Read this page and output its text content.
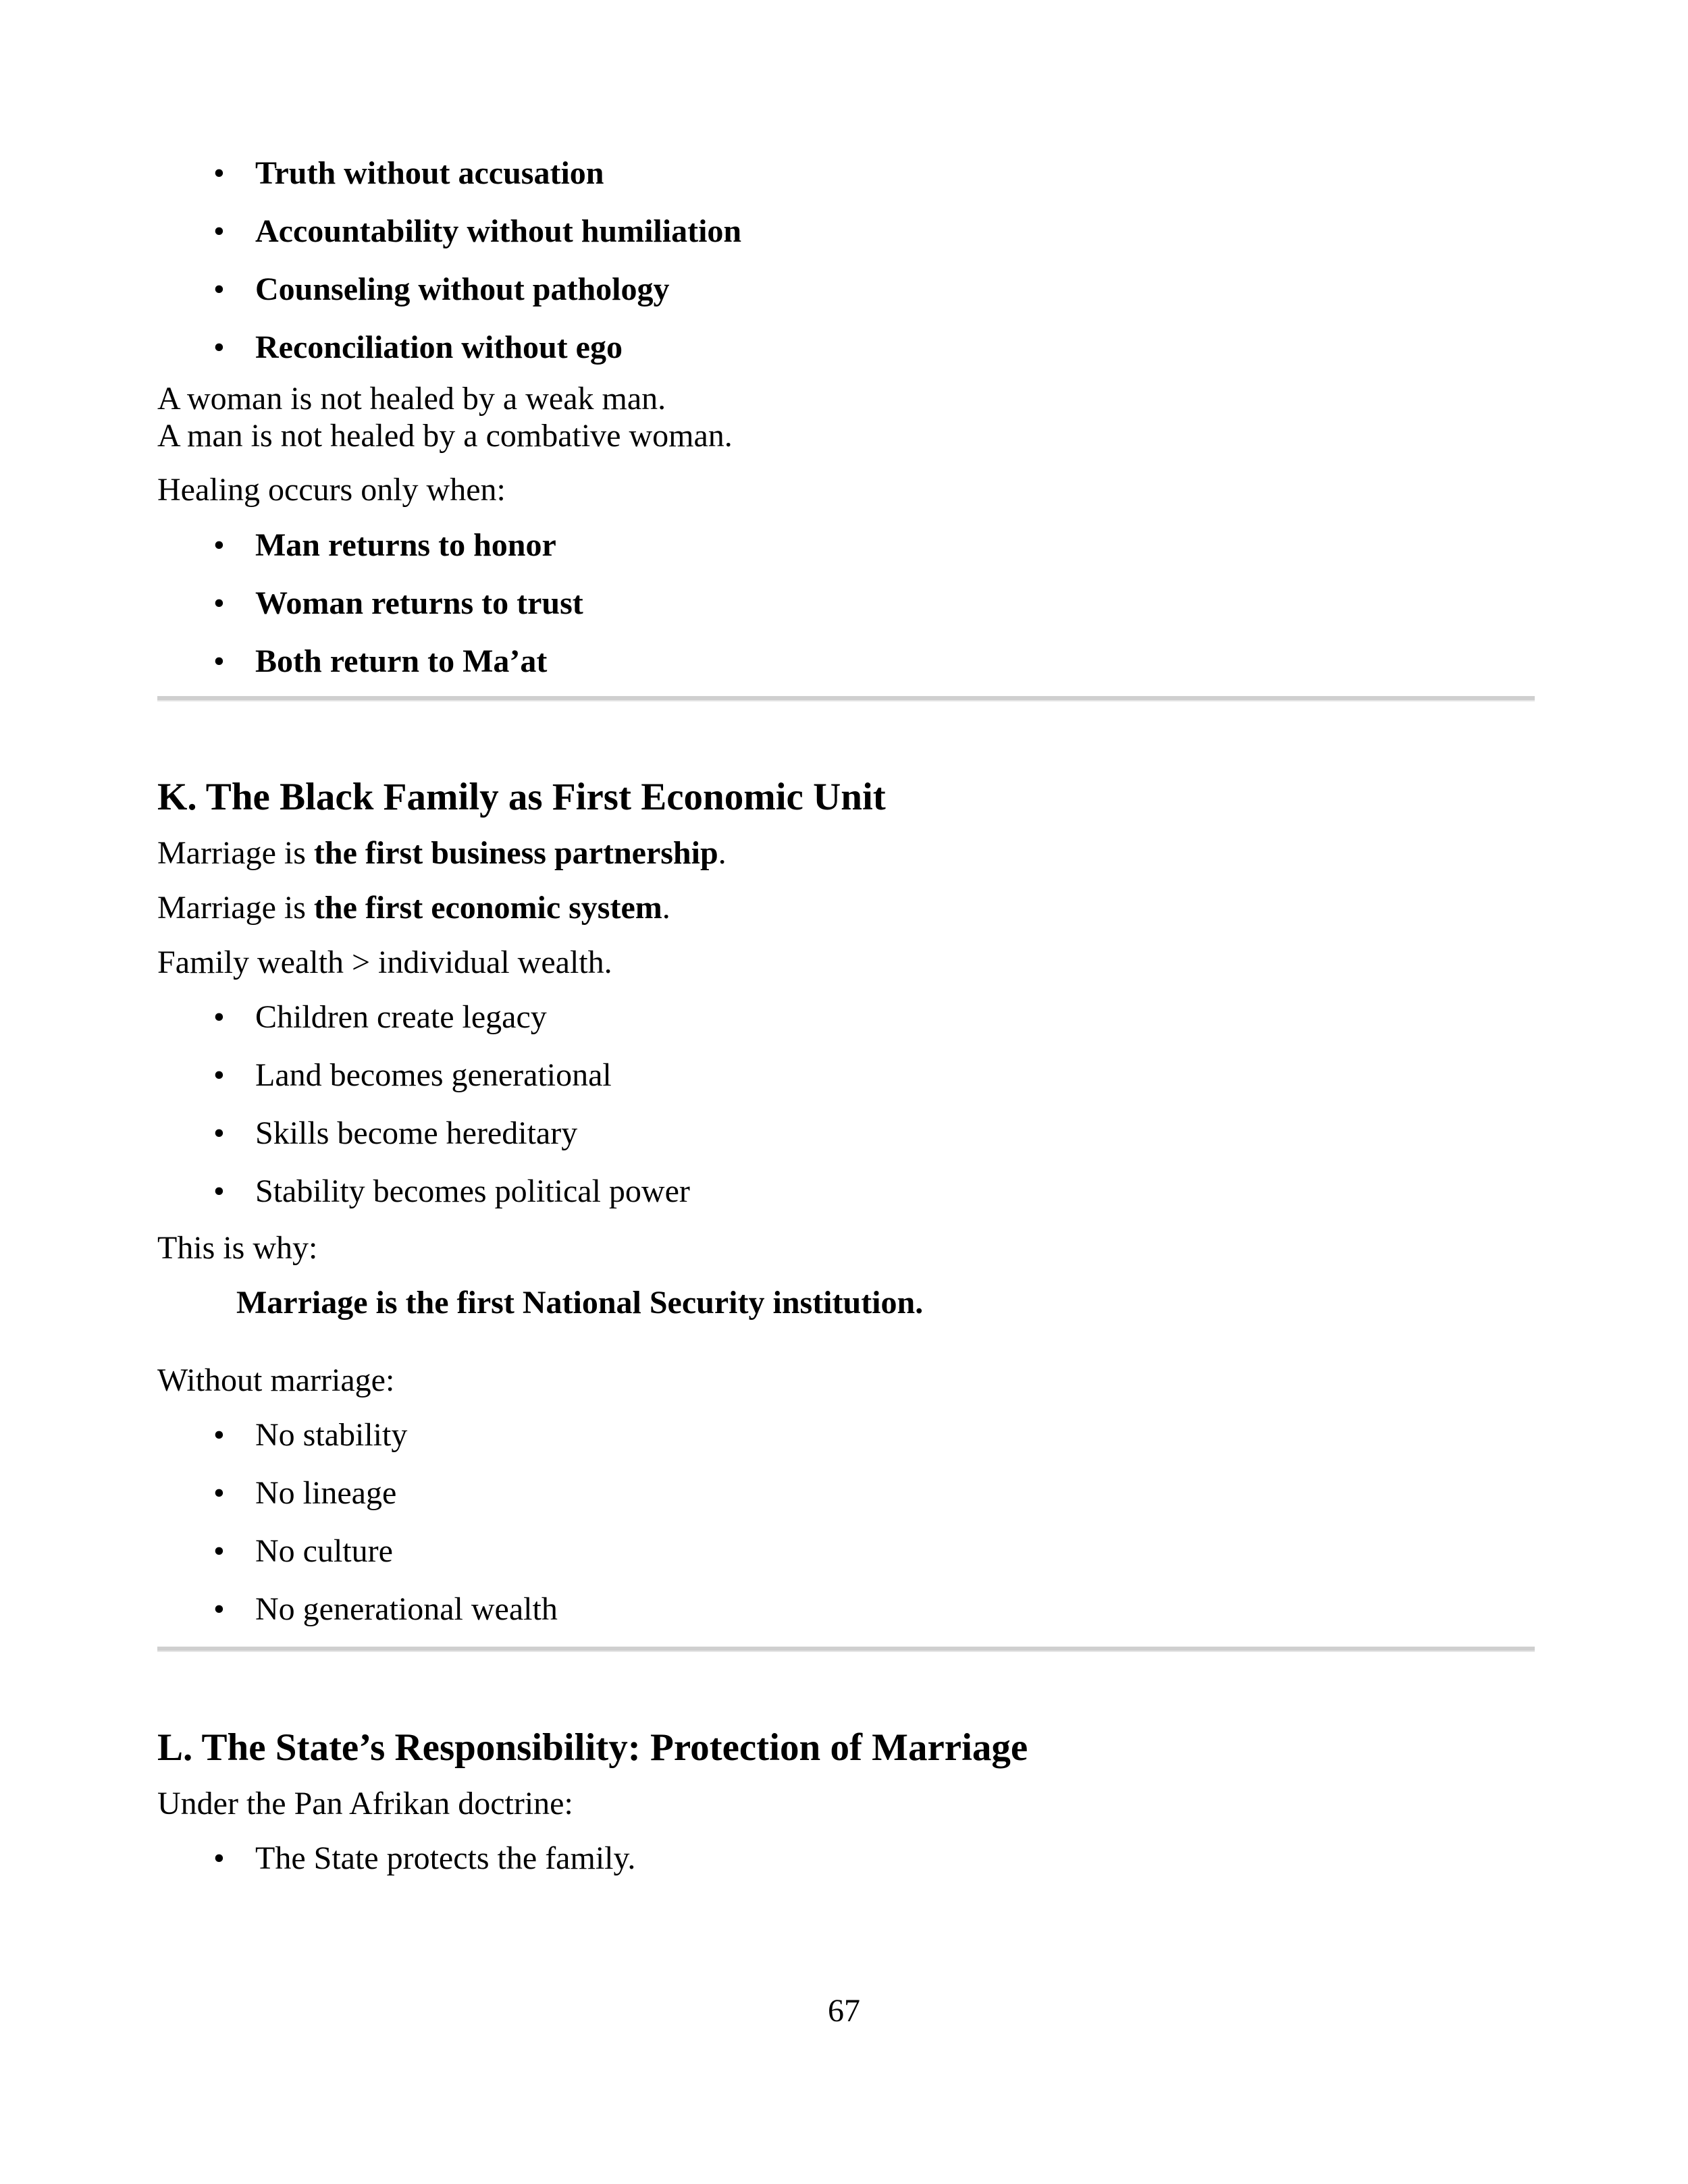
• Truth without accusation
• Accountability without humiliation
• Counseling without pathology
• Reconciliation without ego
A woman is not healed by a weak man.
A man is not healed by a combative woman.
Healing occurs only when:
• Man returns to honor
• Woman returns to trust
• Both return to Ma’at
K. The Black Family as First Economic Unit
Marriage is the first business partnership.
Marriage is the first economic system.
Family wealth > individual wealth.
• Children create legacy
• Land becomes generational
• Skills become hereditary
• Stability becomes political power
This is why:
Marriage is the first National Security institution.
Without marriage:
• No stability
• No lineage
• No culture
• No generational wealth
L. The State’s Responsibility: Protection of Marriage
Under the Pan Afrikan doctrine:
• The State protects the family.
67
